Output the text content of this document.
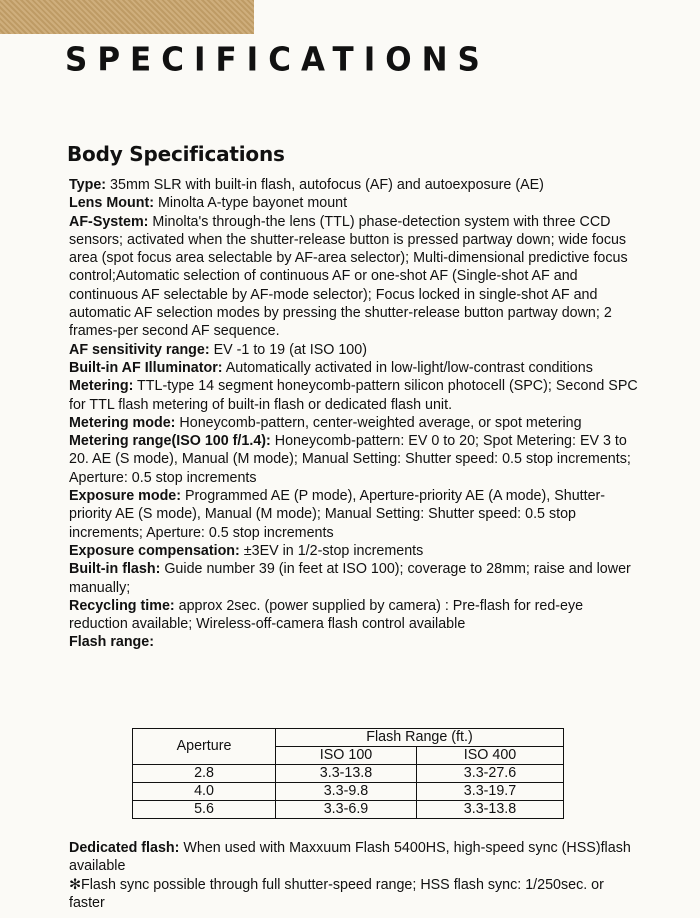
SPECIFICATIONS
Body Specifications

Type: 35mm SLR with built-in flash, autofocus (AF) and autoexposure (AE)

Lens Mount: Minolta A-type bayonet mount

AF-System: Minolta's through-the lens (TTL) phase-detection system with three CCD sensors; activated when the shutter-release button is pressed partway down; wide focus area (spot focus area selectable by AF-area selector); Multi-dimensional predictive focus control;Automatic selection of continuous AF or one-shot AF (Single-shot AF and continuous AF selectable by AF-mode selector); Focus locked in single-shot AF and automatic AF selection modes by pressing the shutter-release button partway down; 2 frames-per second AF sequence.

AF sensitivity range: EV -1 to 19 (at ISO 100)

Built-in AF Illuminator: Automatically activated in low-light/low-contrast conditions

Metering: TTL-type 14 segment honeycomb-pattern silicon photocell (SPC); Second SPC for TTL flash metering of built-in flash or dedicated flash unit.

Metering mode: Honeycomb-pattern, center-weighted average, or spot metering

Metering range(ISO 100 f/1.4): Honeycomb-pattern: EV 0 to 20; Spot Metering: EV 3 to 20. AE (S mode), Manual (M mode); Manual Setting: Shutter speed: 0.5 stop increments; Aperture: 0.5 stop increments

Exposure mode: Programmed AE (P mode), Aperture-priority AE (A mode), Shutter-priority AE (S mode), Manual (M mode); Manual Setting: Shutter speed: 0.5 stop increments; Aperture: 0.5 stop increments

Exposure compensation: ±3EV in 1/2-stop increments

Built-in flash: Guide number 39 (in feet at ISO 100); coverage to 28mm; raise and lower manually;

Recycling time: approx 2sec. (power supplied by camera) : Pre-flash for red-eye reduction available; Wireless-off-camera flash control available

Flash range:

Aperture	Flash Range (ft.)	
	ISO 100	ISO 400
2.8	3.3-13.8	3.3-27.6
4.0	3.3-9.8	3.3-19.7
5.6	3.3-6.9	3.3-13.8

Dedicated flash: When used with Maxxuum Flash 5400HS, high-speed sync (HSS)flash available

✻Flash sync possible through full shutter-speed range; HSS flash sync: 1/250sec. or faster
